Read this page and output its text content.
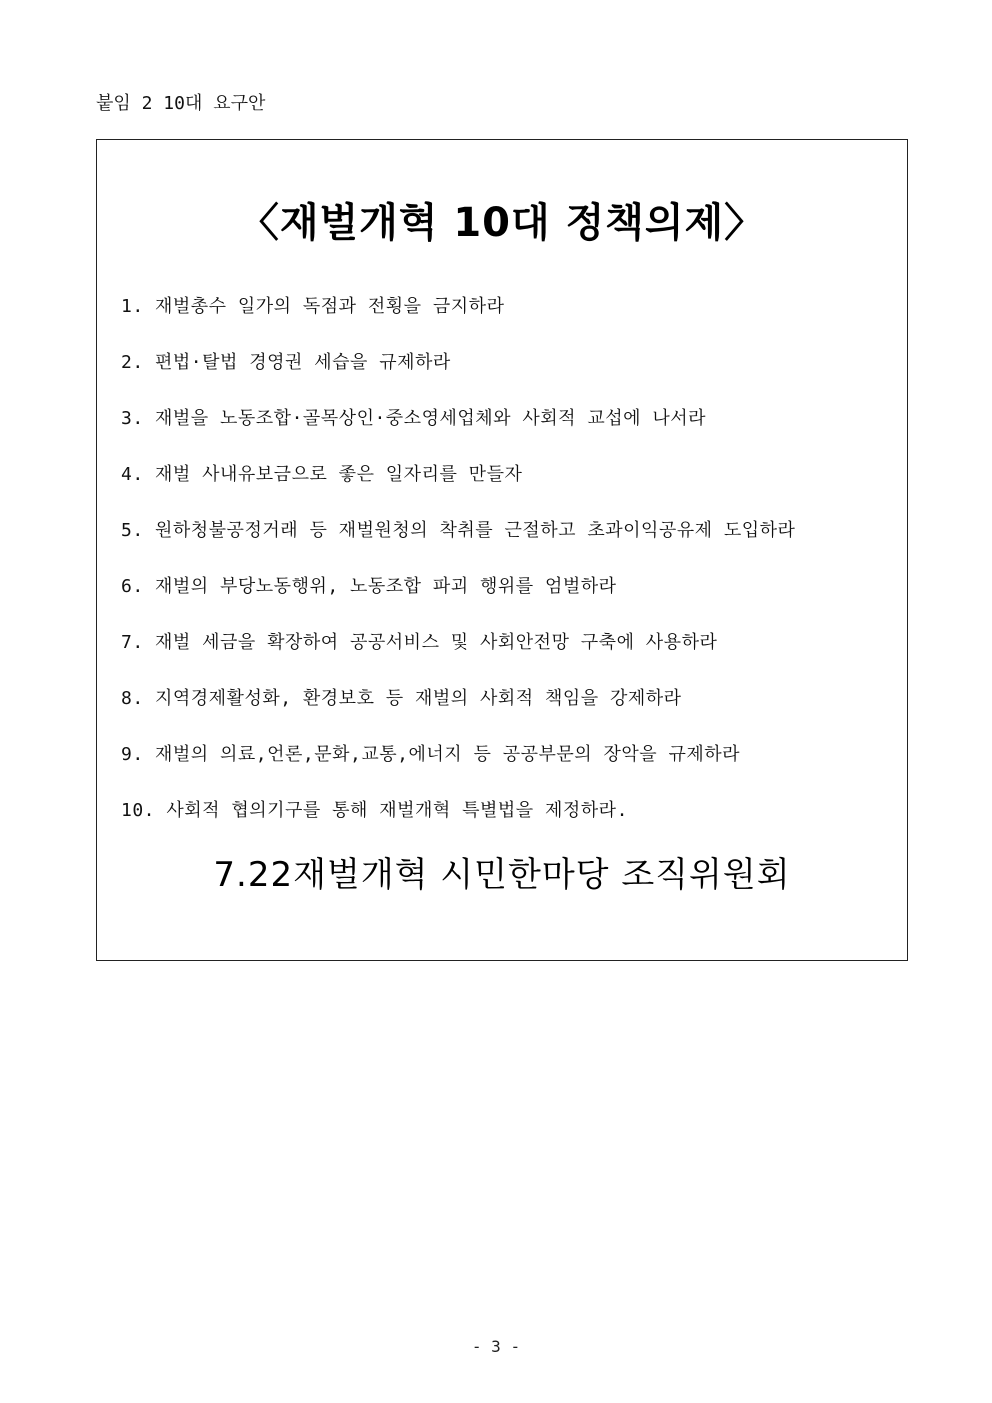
붙임 2 10대 요구안
〈재벌개혁 10대 정책의제〉
1. 재벌총수 일가의 독점과 전횡을 금지하라
2. 편법·탈법 경영권 세습을 규제하라
3. 재벌을 노동조합·골목상인·중소영세업체와 사회적 교섭에 나서라
4. 재벌 사내유보금으로 좋은 일자리를 만들자
5. 원하청불공정거래 등 재벌원청의 착취를 근절하고 초과이익공유제 도입하라
6. 재벌의 부당노동행위, 노동조합 파괴 행위를 엄벌하라
7. 재벌 세금을 확장하여 공공서비스 및 사회안전망 구축에 사용하라
8. 지역경제활성화, 환경보호 등 재벌의 사회적 책임을 강제하라
9. 재벌의 의료,언론,문화,교통,에너지 등 공공부문의 장악을 규제하라
10. 사회적 협의기구를 통해 재벌개혁 특별법을 제정하라.
7.22재벌개혁 시민한마당 조직위원회
- 3 -
